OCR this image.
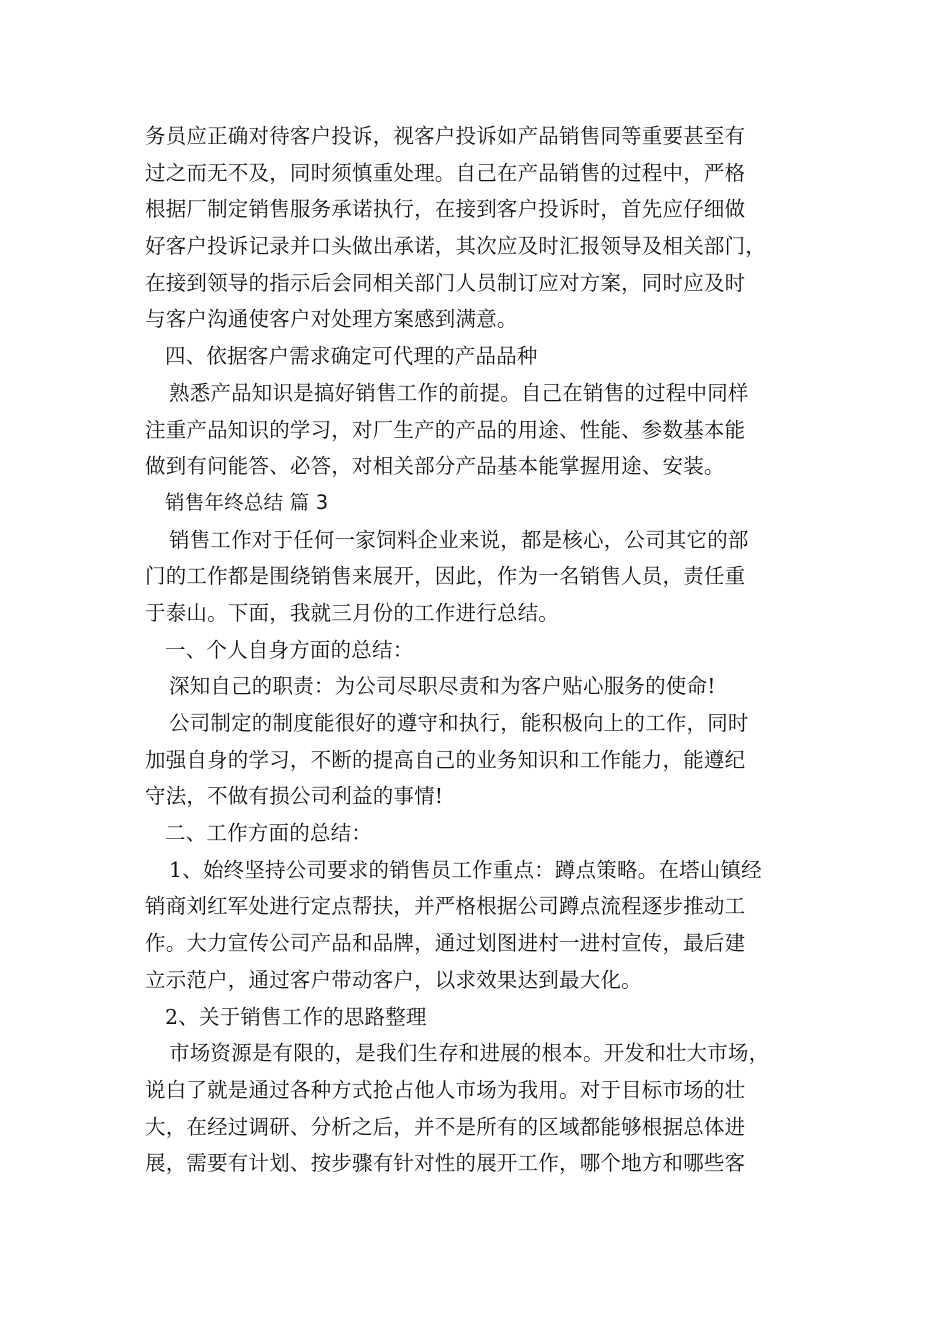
务员应正确对待客户投诉，视客户投诉如产品销售同等重要甚至有
过之而无不及，同时须慎重处理。自己在产品销售的过程中，严格
根据厂制定销售服务承诺执行，在接到客户投诉时，首先应仔细做
好客户投诉记录并口头做出承诺，其次应及时汇报领导及相关部门，
在接到领导的指示后会同相关部门人员制订应对方案，同时应及时
与客户沟通使客户对处理方案感到满意。
四、依据客户需求确定可代理的产品品种
熟悉产品知识是搞好销售工作的前提。自己在销售的过程中同样
注重产品知识的学习，对厂生产的产品的用途、性能、参数基本能
做到有问能答、必答，对相关部分产品基本能掌握用途、安装。
销售年终总结 篇 3
销售工作对于任何一家饲料企业来说，都是核心，公司其它的部
门的工作都是围绕销售来展开，因此，作为一名销售人员，责任重
于泰山。下面，我就三月份的工作进行总结。
一、个人自身方面的总结：
深知自己的职责：为公司尽职尽责和为客户贴心服务的使命!
公司制定的制度能很好的遵守和执行，能积极向上的工作，同时
加强自身的学习，不断的提高自己的业务知识和工作能力，能遵纪
守法，不做有损公司利益的事情!
二、工作方面的总结：
1、始终坚持公司要求的销售员工作重点：蹲点策略。在塔山镇经
销商刘红军处进行定点帮扶，并严格根据公司蹲点流程逐步推动工
作。大力宣传公司产品和品牌，通过划图进村一进村宣传，最后建
立示范户，通过客户带动客户，以求效果达到最大化。
2、关于销售工作的思路整理
市场资源是有限的，是我们生存和进展的根本。开发和壮大市场，
说白了就是通过各种方式抢占他人市场为我用。对于目标市场的壮
大，在经过调研、分析之后，并不是所有的区域都能够根据总体进
展，需要有计划、按步骤有针对性的展开工作，哪个地方和哪些客
